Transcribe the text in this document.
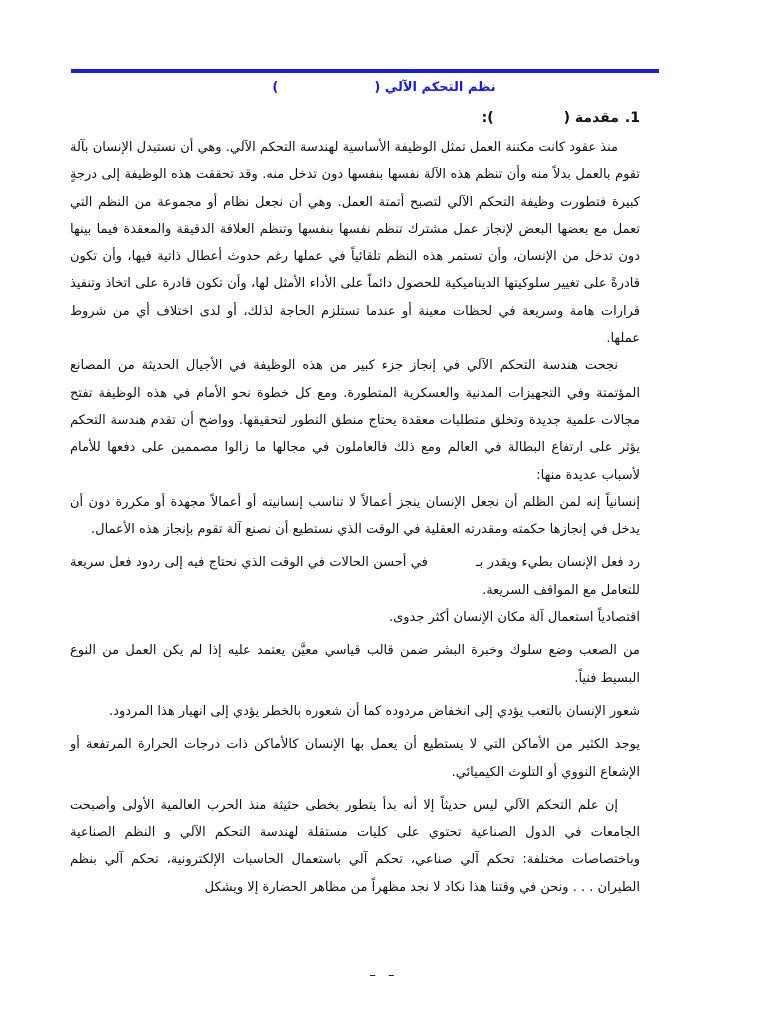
نظم التحكم الآلي ()
1.مقدمة ():

منذ عقود كانت مكننة العمل تمثل الوظيفة الأساسية لهندسة التحكم الآلي. وهي أن نستبدل الإنسان بآلة تقوم بالعمل بدلاً منه وأن تنظم هذه الآلة نفسها بنفسها دون تدخل منه. وقد تحققت هذه الوظيفة إلى درجةٍ كبيرة فتطورت وظيفة التحكم الآلي لتصبح أتمتة العمل. وهي أن نجعل نظام أو مجموعة من النظم التي تعمل مع بعضها البعض لإنجاز عمل مشترك تنظم نفسها بنفسها وتنظم العلاقة الدقيقة والمعقدة فيما بينها دون تدخل من الإنسان، وأن تستمر هذه النظم تلقائياً في عملها رغم حدوث أعطال ذاتية فيها، وأن تكون قادرةً على تغيير سلوكيتها الديناميكية للحصول دائماً على الأداء الأمثل لها، وأن تكون قادرة على اتخاذ وتنفيذ قرارات هامة وسريعة في لحظات معينة أو عندما تستلزم الحاجة لذلك، أو لدى اختلاف أي من شروط عملها.

نجحت هندسة التحكم الآلي في إنجاز جزء كبير من هذه الوظيفة في الأجيال الحديثة من المصانع المؤتمتة وفي التجهيزات المدنية والعسكرية المتطورة. ومع كل خطوة نحو الأمام في هذه الوظيفة تفتح مجالات علمية جديدة وتخلق متطلبات معقدة يحتاج منطق التطور لتحقيقها. وواضح أن تقدم هندسة التحكم يؤثر على ارتفاع البطالة في العالم ومع ذلك فالعاملون في مجالها ما زالوا مصممين على دفعها للأمام لأسباب عديدة منها:

إنسانياً إنه لمن الظلم أن نجعل الإنسان ينجز أعمالاً لا تناسب إنسانيته أو أعمالاً مجهدة أو مكررة دون أن يدخل في إنجازها حكمته ومقدرته العقلية في الوقت الذي نستطيع أن نصنع آلة تقوم بإنجاز هذه الأعمال.

رد فعل الإنسان بطيء ويقدر بـفي أحسن الحالات في الوقت الذي نحتاج فيه إلى ردود فعل سريعة للتعامل مع المواقف السريعة.

اقتصادياً استعمال آلة مكان الإنسان أكثر جدوى.

من الصعب وضع سلوك وخبرة البشر ضمن قالب قياسي معيَّن يعتمد عليه إذا لم يكن العمل من النوع البسيط فنياً.

شعور الإنسان بالتعب يؤدي إلى انخفاض مردوده كما أن شعوره بالخطر يؤدي إلى انهيار هذا المردود.

يوجد الكثير من الأماكن التي لا يستطيع أن يعمل بها الإنسان كالأماكن ذات درجات الحرارة المرتفعة أو الإشعاع النووي أو التلوث الكيميائي.

إن علم التحكم الآلي ليس حديثاً إلا أنه بدأ يتطور بخطى حثيثة منذ الحرب العالمية الأولى وأصبحت الجامعات في الدول الصناعية تحتوي على كليات مستقلة لهندسة التحكم الآلي و النظم الصناعية وباختصاصات مختلفة: تحكم آلي صناعي، تحكم آلي باستعمال الحاسبات الإلكترونية، تحكم آلي بنظم الطيران . . . ونحن في وقتنا هذا نكاد لا نجد مظهراً من مظاهر الحضارة إلا ويشكل

– –
